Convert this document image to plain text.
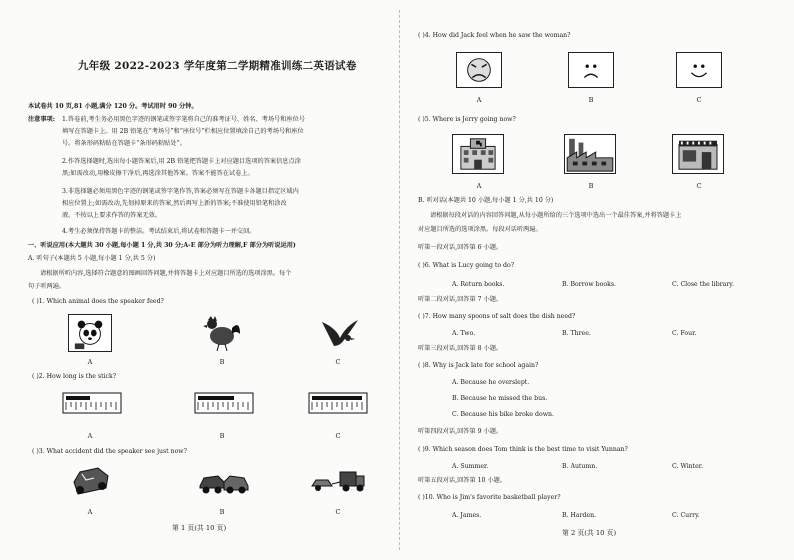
九年级 2022-2023 学年度第二学期精准训练二英语试卷
本试卷共 10 页,81 小题,满分 120 分。考试用时 90 分钟。
注意事项: 1.答卷前,考生务必用黑色字迹的钢笔或签字笔将自己的准考证号、姓名、考场号和座位号
填写在答题卡上。用 2B 铅笔在“考场号”和“座位号”栏相应位置填涂自己的考场号和座位
号。将条形码粘贴在答题卡“条形码粘贴处”。
2.作答选择题时,选出每小题答案后,用 2B 铅笔把答题卡上对应题目选项的答案信息点涂
黑;如需改动,用橡皮擦干净后,再选涂其他答案。答案不能答在试卷上。
3.非选择题必须用黑色字迹的钢笔或签字笔作答,答案必须写在答题卡各题目指定区域内
相应位置上;如需改动,先划掉原来的答案,然后再写上新的答案;不准使用铅笔和涂改
液。不按以上要求作答的答案无效。
4.考生必须保持答题卡的整洁。考试结束后,将试卷和答题卡一并交回。
一、听说应用(本大题共 30 小题,每小题 1 分,共 30 分;A-E 部分为听力理解,F 部分为听说运用)
A. 听句子(本题共 5 小题,每小题 1 分,共 5 分)
请根据所听内容,选择符合题意的图画回答问题,并将答题卡上对应题目所选的选项涂黑。每个
句子听两遍。
( )1. Which animal does the speaker feed?
A	B	C
( )2. How long is the stick?
A	B	C
( )3. What accident did the speaker see just now?
A	B	C
第 1 页(共 10 页)
( )4. How did Jack feel when he saw the woman?
A	B	C
( )5. Where is Jerry going now?
A	B	C
B. 听对话(本题共 10 小题,每小题 1 分,共 10 分)
请根据每段对话的内容回答问题,从每小题所给的三个选项中选出一个最佳答案,并将答题卡上
对应题目所选的选项涂黑。每段对话听两遍。
听第一段对话,回答第 6 小题。
( )6. What is Lucy going to do?
A. Return books.	B. Borrow books.	C. Close the library.
听第二段对话,回答第 7 小题。
( )7. How many spoons of salt does the dish need?
A. Two.	B. Three.	C. Four.
听第三段对话,回答第 8 小题。
( )8. Why is Jack late for school again?
A. Because he overslept.
B. Because he missed the bus.
C. Because his bike broke down.
听第四段对话,回答第 9 小题。
( )9. Which season does Tom think is the best time to visit Yunnan?
A. Summer.	B. Autumn.	C. Winter.
听第五段对话,回答第 10 小题。
( )10. Who is Jim's favorite basketball player?
A. James.	B. Harden.	C. Curry.
第 2 页(共 10 页)
